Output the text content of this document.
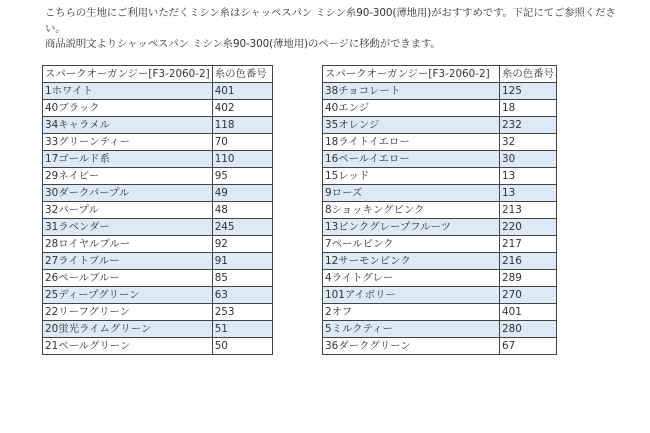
こちらの生地にご利用いただくミシン糸はシャッペスパン ミシン糸90-300(薄地用)がおすすめです。下記にてご参照ください。

商品説明文よりシャッペスパン ミシン糸90-300(薄地用)のページに移動ができます。

スパークオーガンジー[F3-2060-2]	糸の色番号
1ホワイト	401
40ブラック	402
34キャラメル	118
33グリーンティー	70
17ゴールド系	110
29ネイビー	95
30ダークパープル	49
32パープル	48
31ラベンダー	245
28ロイヤルブルー	92
27ライトブルー	91
26ペールブルー	85
25ディープグリーン	63
22リーフグリーン	253
20蛍光ライムグリーン	51
21ペールグリーン	50
スパークオーガンジー[F3-2060-2]	糸の色番号
38チョコレート	125
40エンジ	18
35オレンジ	232
18ライトイエロー	32
16ペールイエロー	30
15レッド	13
9ローズ	13
8ショッキングピンク	213
13ピンクグレープフルーツ	220
7ペールピンク	217
12サーモンピンク	216
4ライトグレー	289
101アイボリー	270
2オフ	401
5ミルクティー	280
36ダークグリーン	67
